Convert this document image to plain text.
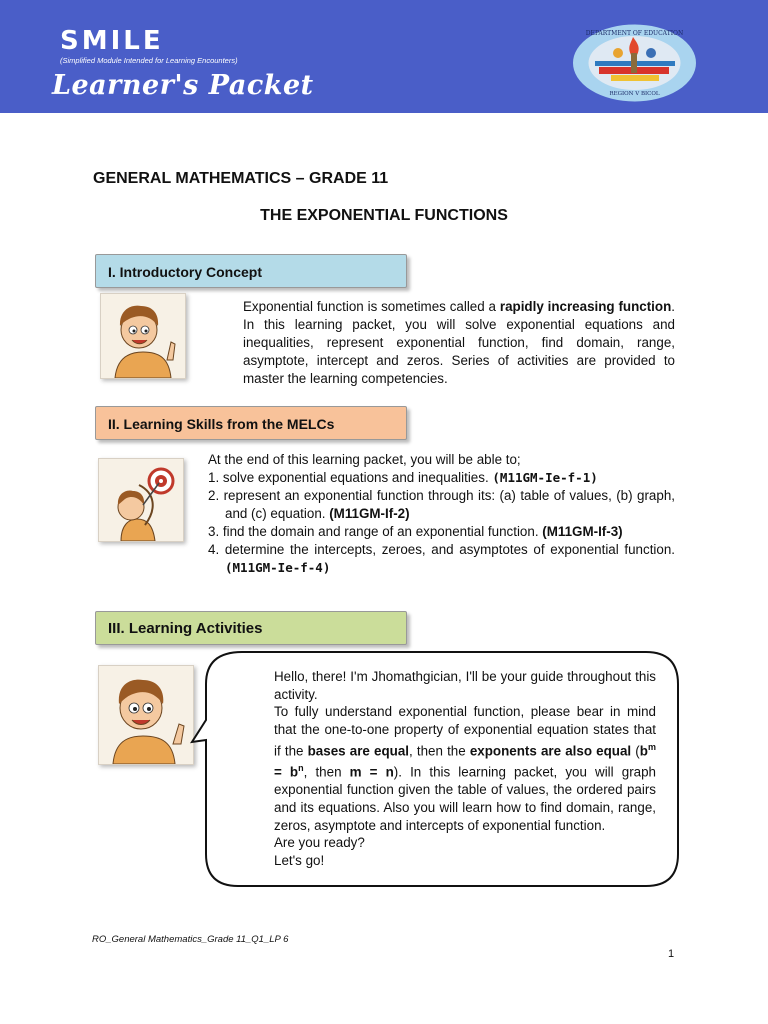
SMILE
(Simplified Module Intended for Learning Encounters)
Learner's Packet
DEPARTMENT OF EDUCATION
REGION V BICOL
GENERAL MATHEMATICS – GRADE 11
THE EXPONENTIAL FUNCTIONS
I. Introductory Concept
Exponential function is sometimes called a rapidly increasing function. In this learning packet, you will solve exponential equations and inequalities, represent exponential function, find domain, range, asymptote, intercept and zeros. Series of activities are provided to master the learning competencies.
II. Learning Skills from the MELCs
At the end of this learning packet, you will be able to;
1. solve exponential equations and inequalities. (M11GM-Ie-f-1)
2. represent an exponential function through its: (a) table of values, (b) graph, and (c) equation. (M11GM-If-2)
3. find the domain and range of an exponential function. (M11GM-If-3)
4. determine the intercepts, zeroes, and asymptotes of exponential function. (M11GM-Ie-f-4)
III. Learning Activities
Hello, there! I'm Jhomathgician, I'll be your guide throughout this activity.
To fully understand exponential function, please bear in mind that the one-to-one property of exponential equation states that if the bases are equal, then the exponents are also equal ($b^m = b^n$, then m = n). In this learning packet, you will graph exponential function given the table of values, the ordered pairs and its equations. Also you will learn how to find domain, range, zeros, asymptote and intercepts of exponential function.
Are you ready?
Let's go!
RO_General Mathematics_Grade 11_Q1_LP 6
1
